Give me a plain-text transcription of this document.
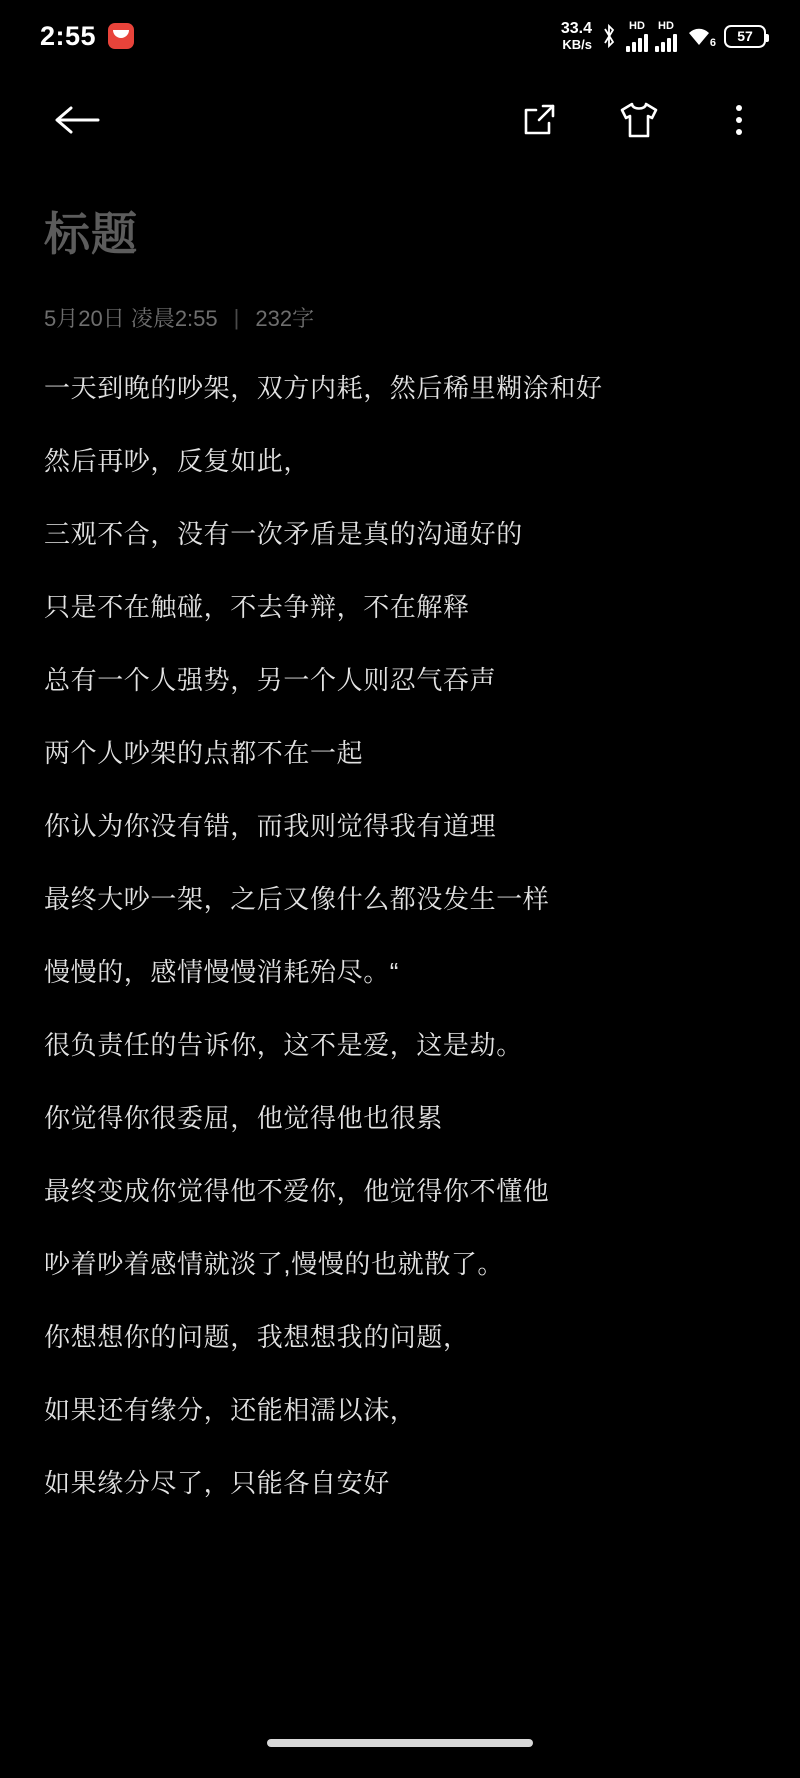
2:55	33.4
KB/s
HD HD
6 57
标题
5月20日 凌晨2:55 | 232字
一天到晚的吵架，双方内耗，然后稀里糊涂和好
然后再吵，反复如此，
三观不合，没有一次矛盾是真的沟通好的
只是不在触碰，不去争辩，不在解释
总有一个人强势，另一个人则忍气吞声
两个人吵架的点都不在一起
你认为你没有错，而我则觉得我有道理
最终大吵一架，之后又像什么都没发生一样
慢慢的，感情慢慢消耗殆尽。“
很负责任的告诉你，这不是爱，这是劫。
你觉得你很委屈，他觉得他也很累
最终变成你觉得他不爱你，他觉得你不懂他
吵着吵着感情就淡了,慢慢的也就散了。
你想想你的问题，我想想我的问题，
如果还有缘分，还能相濡以沫，
如果缘分尽了，只能各自安好
